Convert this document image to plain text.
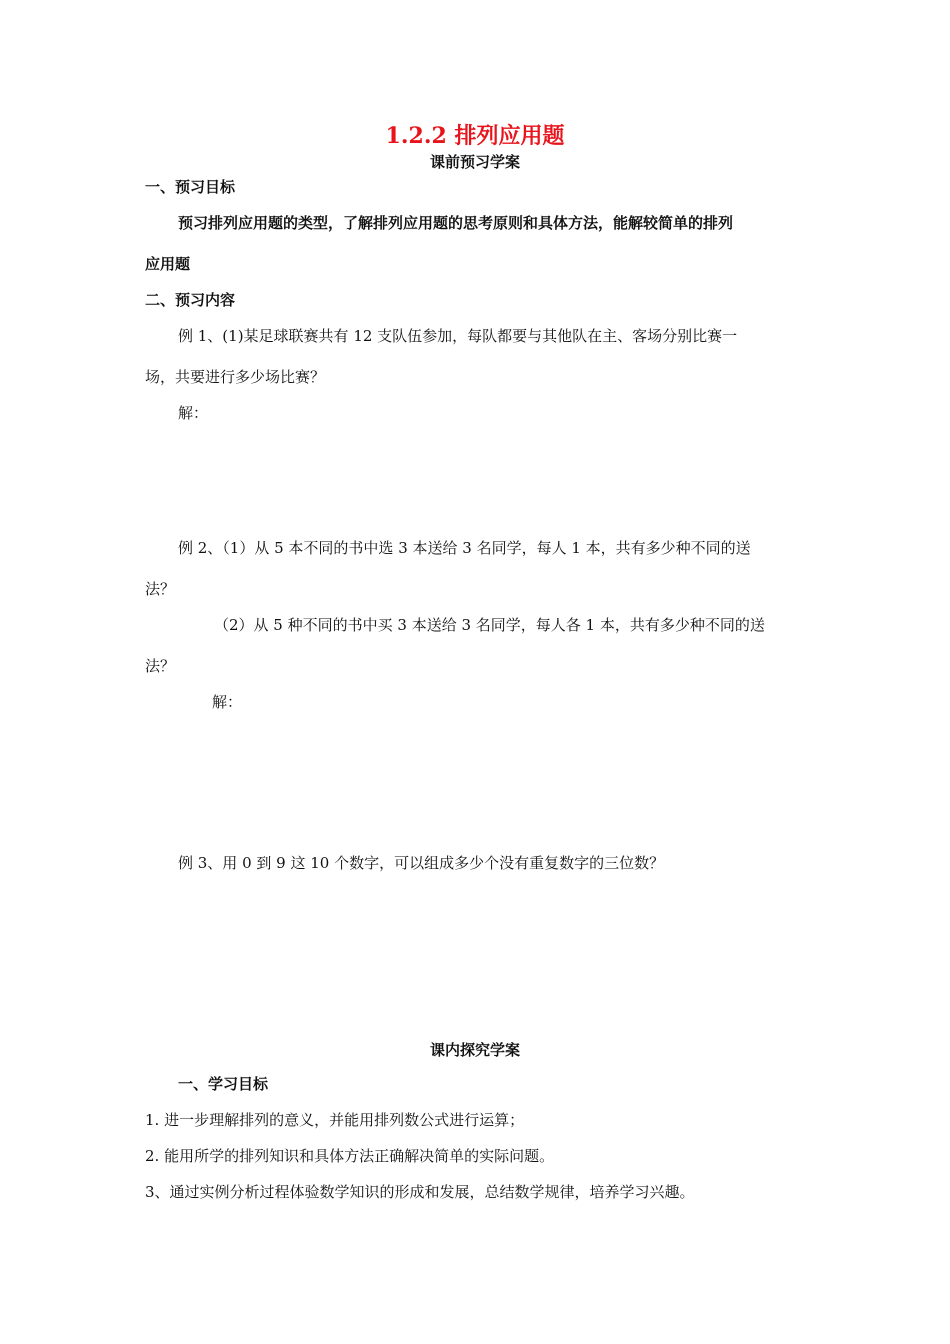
1.2.2 排列应用题
课前预习学案
一、预习目标
预习排列应用题的类型，了解排列应用题的思考原则和具体方法，能解较简单的排列
应用题
二、预习内容
例 1、(1)某足球联赛共有 12 支队伍参加，每队都要与其他队在主、客场分别比赛一
场，共要进行多少场比赛？
解：
例 2、（1）从 5 本不同的书中选 3 本送给 3 名同学，每人 1 本，共有多少种不同的送
法？
（2）从 5 种不同的书中买 3 本送给 3 名同学，每人各 1 本，共有多少种不同的送
法？
解：
例 3、用 0 到 9 这 10 个数字，可以组成多少个没有重复数字的三位数？
课内探究学案
一、学习目标
1. 进一步理解排列的意义，并能用排列数公式进行运算；
2. 能用所学的排列知识和具体方法正确解决简单的实际问题。
3、通过实例分析过程体验数学知识的形成和发展，总结数学规律，培养学习兴趣。
